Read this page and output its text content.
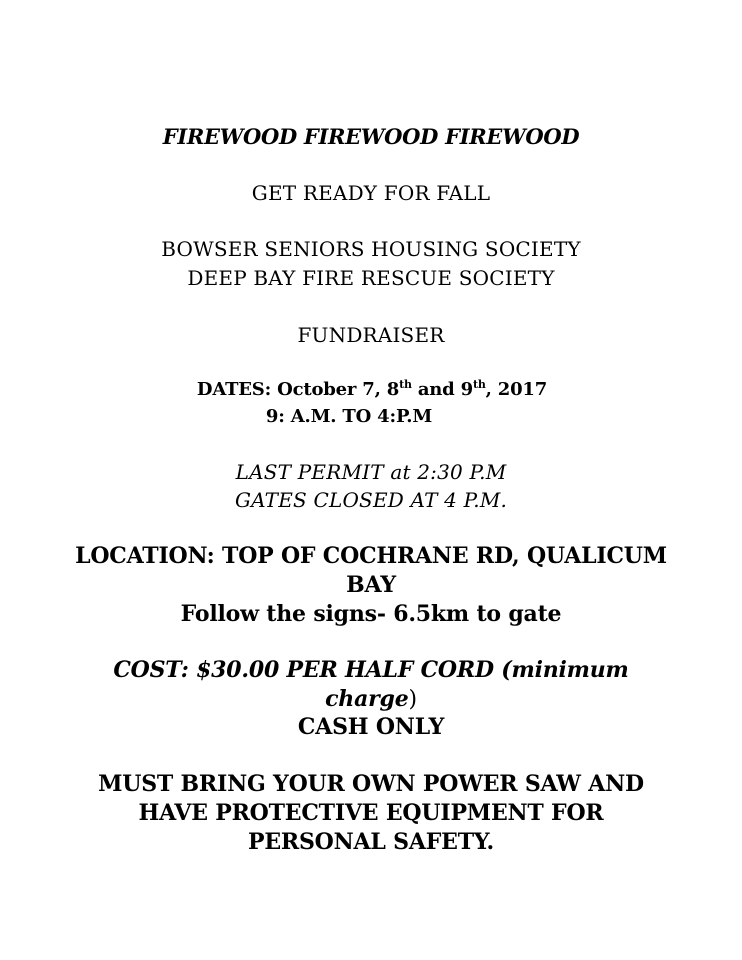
FIREWOOD FIREWOOD FIREWOOD
GET READY FOR FALL
BOWSER SENIORS HOUSING SOCIETY
DEEP BAY FIRE RESCUE SOCIETY
FUNDRAISER
DATES: October 7, 8th and 9th, 2017
9: A.M. TO 4:P.M
LAST PERMIT at 2:30 P.M
GATES CLOSED AT 4 P.M.
LOCATION: TOP OF COCHRANE RD, QUALICUM
BAY
Follow the signs- 6.5km to gate
COST: $30.00 PER HALF CORD (minimum
charge)
CASH ONLY
MUST BRING YOUR OWN POWER SAW AND
HAVE PROTECTIVE EQUIPMENT FOR
PERSONAL SAFETY.
